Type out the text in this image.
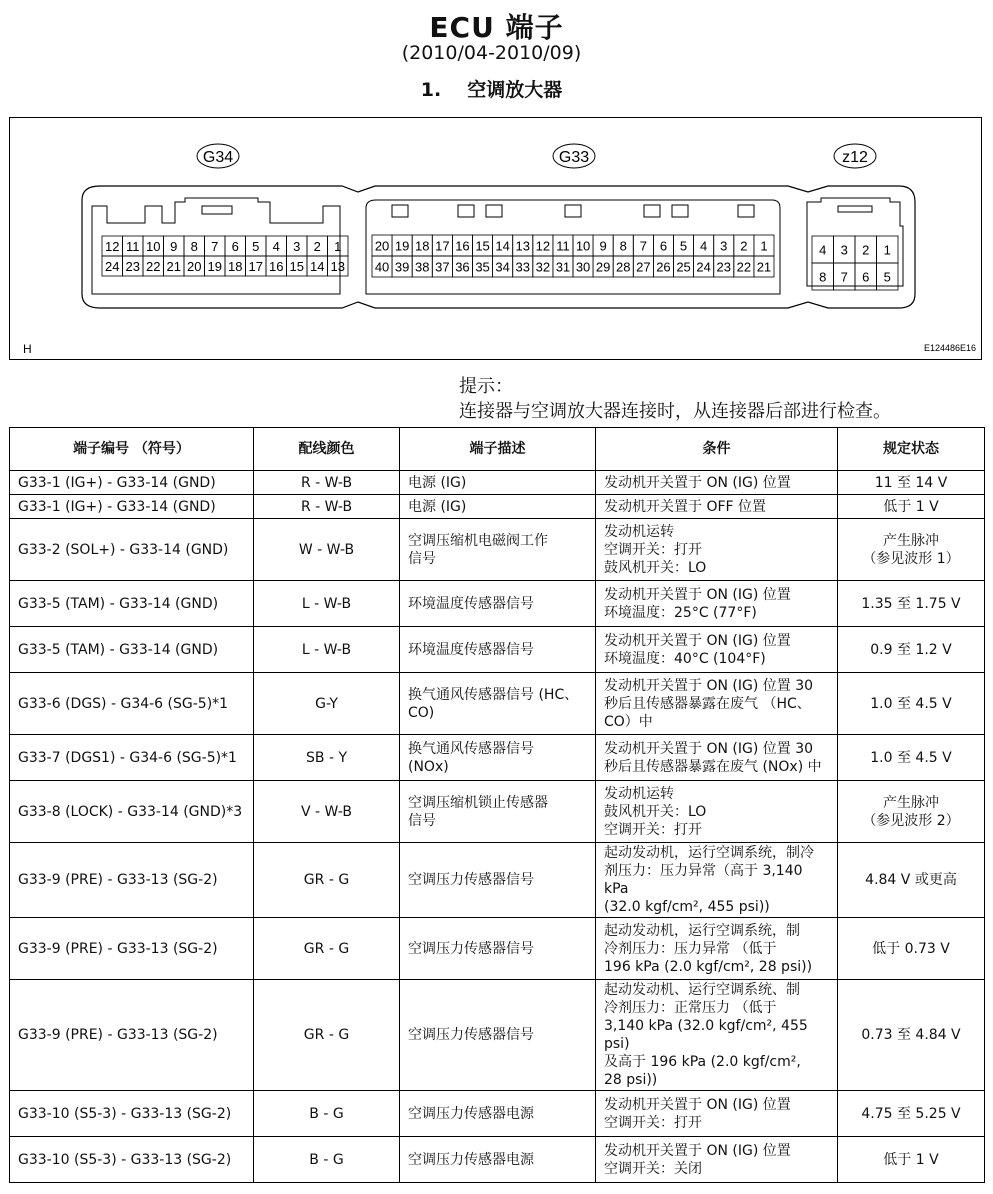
ECU 端子
(2010/04-2010/09)
1. 空调放大器
G34	G33	z12
12 11 10 9 8 7 6 5 4 3 2 1
24 23 22 21 20 19 18 17 16 15 14 13
20 19 18 17 16 15 14 13 12 11 10 9 8 7 6 5 4 3 2 1
40 39 38 37 36 35 34 33 32 31 30 29 28 27 26 25 24 23 22 21
4 3 2 1
8 7 6 5
H	E124486E16
提示：
连接器与空调放大器连接时，从连接器后部进行检查。
端子编号 （符号）	配线颜色	端子描述	条件	规定状态
G33-1 (IG+) - G33-14 (GND)	R - W-B	电源 (IG)	发动机开关置于 ON (IG) 位置	11 至 14 V
G33-1 (IG+) - G33-14 (GND)	R - W-B	电源 (IG)	发动机开关置于 OFF 位置	低于 1 V
G33-2 (SOL+) - G33-14 (GND)	W - W-B	空调压缩机电磁阀工作
信号	发动机运转
空调开关：打开
鼓风机开关：LO	产生脉冲
（参见波形 1）
G33-5 (TAM) - G33-14 (GND)	L - W-B	环境温度传感器信号	发动机开关置于 ON (IG) 位置
环境温度：25°C (77°F)	1.35 至 1.75 V
G33-5 (TAM) - G33-14 (GND)	L - W-B	环境温度传感器信号	发动机开关置于 ON (IG) 位置
环境温度：40°C (104°F)	0.9 至 1.2 V
G33-6 (DGS) - G34-6 (SG-5)*1	G-Y	换气通风传感器信号 (HC、
CO)	发动机开关置于 ON (IG) 位置 30
秒后且传感器暴露在废气 （HC、
CO）中	1.0 至 4.5 V
G33-7 (DGS1) - G34-6 (SG-5)*1	SB - Y	换气通风传感器信号
(NOx)	发动机开关置于 ON (IG) 位置 30
秒后且传感器暴露在废气 (NOx) 中	1.0 至 4.5 V
G33-8 (LOCK) - G33-14 (GND)*3	V - W-B	空调压缩机锁止传感器
信号	发动机运转
鼓风机开关：LO
空调开关：打开	产生脉冲
（参见波形 2）
G33-9 (PRE) - G33-13 (SG-2)	GR - G	空调压力传感器信号	起动发动机，运行空调系统，制冷
剂压力：压力异常（高于 3,140 kPa
(32.0 kgf/cm², 455 psi))	4.84 V 或更高
G33-9 (PRE) - G33-13 (SG-2)	GR - G	空调压力传感器信号	起动发动机，运行空调系统，制
冷剂压力：压力异常 （低于
196 kPa (2.0 kgf/cm², 28 psi))	低于 0.73 V
G33-9 (PRE) - G33-13 (SG-2)	GR - G	空调压力传感器信号	起动发动机、运行空调系统、制
冷剂压力：正常压力 （低于
3,140 kPa (32.0 kgf/cm², 455 psi)
及高于 196 kPa (2.0 kgf/cm²,
28 psi))	0.73 至 4.84 V
G33-10 (S5-3) - G33-13 (SG-2)	B - G	空调压力传感器电源	发动机开关置于 ON (IG) 位置
空调开关：打开	4.75 至 5.25 V
G33-10 (S5-3) - G33-13 (SG-2)	B - G	空调压力传感器电源	发动机开关置于 ON (IG) 位置
空调开关：关闭	低于 1 V
